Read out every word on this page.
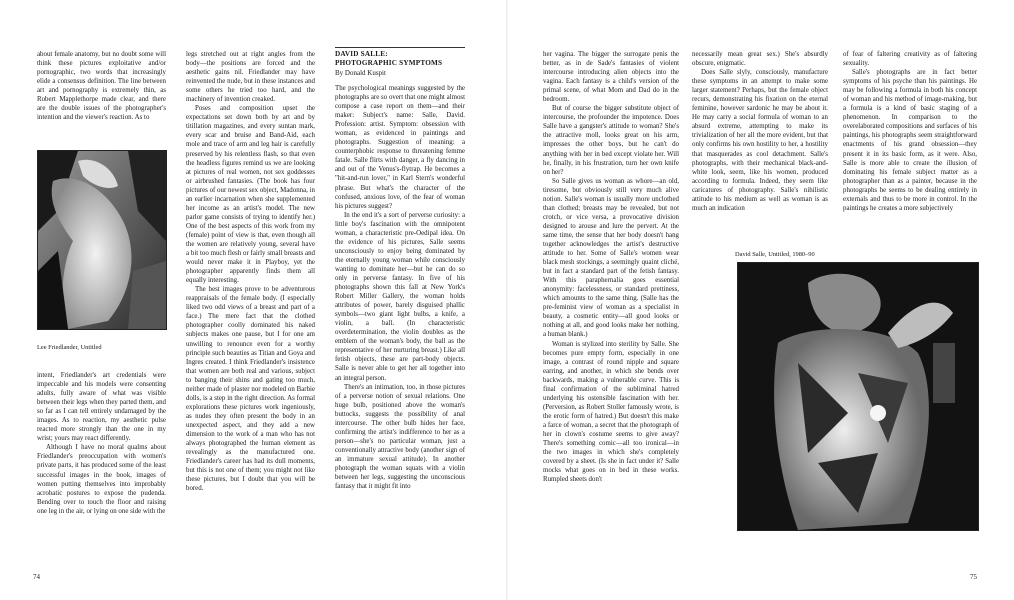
about female anatomy, but no doubt some will think these pictures exploitative and/or pornographic, two words that increasingly elide a consensus definition. The line between art and pornography is extremely thin, as Robert Mapplethorpe made clear, and there are the double issues of the photographer's intention and the viewer's reaction. As to

Lee Friedlander, Untitled

intent, Friedlander's art credentials were impeccable and his models were consenting adults, fully aware of what was visible between their legs when they parted them, and so far as I can tell entirely undamaged by the images. As to reaction, my aesthetic pulse reacted more strongly than the one in my wrist; yours may react differently.

Although I have no moral qualms about Friedlander's preoccupation with women's private parts, it has produced some of the least successful images in the book, images of women putting themselves into improbably acrobatic postures to expose the pudenda. Bending over to touch the floor and raising one leg in the air, or lying on one side with the

legs stretched out at right angles from the body—the positions are forced and the aesthetic gains nil. Friedlander may have reinvented the nude, but in these instances and some others he tried too hard, and the machinery of invention creaked.

Poses and composition upset the expectations set down both by art and by titillation magazines, and every suntan mark, every scar and bruise and Band-Aid, each mole and trace of arm and leg hair is carefully preserved by his relentless flash, so that even the headless figures remind us we are looking at pictures of real women, not sex goddesses or airbrushed fantasies. (The book has four pictures of our newest sex object, Madonna, in an earlier incarnation when she supplemented her income as an artist's model. The new parlor game consists of trying to identify her.) One of the best aspects of this work from my (female) point of view is that, even though all the women are relatively young, several have a bit too much flesh or fairly small breasts and would never make it in Playboy, yet the photographer apparently finds them all equally interesting.

The best images prove to be adventurous reappraisals of the female body. (I especially liked two odd views of a breast and part of a face.) The mere fact that the clothed photographer coolly dominated his naked subjects makes one pause, but I for one am unwilling to renounce even for a worthy principle such beauties as Titian and Goya and Ingres created. I think Friedlander's insistence that women are both real and various, subject to banging their shins and gating too much, neither made of plaster nor modeled on Barbie dolls, is a step in the right direction. As formal explorations these pictures work ingeniously, as nudes they often present the body in an unexpected aspect, and they add a new dimension to the work of a man who has not always photographed the human element as revealingly as the manufactured one. Friedlander's career has had its dull moments, but this is not one of them; you might not like these pictures, but I doubt that you will be bored.

DAVID SALLE:
PHOTOGRAPHIC SYMPTOMS
By Donald Kuspit

The psychological meanings suggested by the photographs are so overt that one might almost compose a case report on them—and their maker: Subject's name: Salle, David. Profession: artist. Symptom: obsession with woman, as evidenced in paintings and photographs. Suggestion of meaning: a counterphobic response to threatening femme fatale. Salle flirts with danger, a fly dancing in and out of the Venus's-flytrap. He becomes a "hit-and-run lover," in Karl Stern's wonderful phrase. But what's the character of the confused, anxious love, of the fear of woman his pictures suggest?

In the end it's a sort of perverse curiosity: a little boy's fascination with the omnipotent woman, a characteristic pre-Oedipal idea. On the evidence of his pictures, Salle seems unconsciously to enjoy being dominated by the eternally young woman while consciously wanting to dominate her—but he can do so only in perverse fantasy. In five of his photographs shown this fall at New York's Robert Miller Gallery, the woman holds attributes of power, barely disguised phallic symbols—two giant light bulbs, a knife, a violin, a ball. (In characteristic overdetermination, the violin doubles as the emblem of the woman's body, the ball as the representative of her nurturing breast.) Like all fetish objects, these are part-body objects. Salle is never able to get her all together into an integral person.

There's an intimation, too, in those pictures of a perverse notion of sexual relations. One huge bulb, positioned above the woman's buttocks, suggests the possibility of anal intercourse. The other bulb hides her face, confirming the artist's indifference to her as a person—she's no particular woman, just a conventionally attractive body (another sign of an immature sexual attitude). In another photograph the woman squats with a violin between her legs, suggesting the unconscious fantasy that it might fit into

74

her vagina. The bigger the surrogate penis the better, as in de Sade's fantasies of violent intercourse introducing alien objects into the vagina. Each fantasy is a child's version of the primal scene, of what Mom and Dad do in the bedroom.

But of course the bigger substitute object of intercourse, the profounder the impotence. Does Salle have a gangster's attitude to woman? She's the attractive moll, looks great on his arm, impresses the other boys, but he can't do anything with her in bed except violate her. Will he, finally, in his frustration, turn her own knife on her?

So Salle gives us woman as whore—an old, tiresome, but obviously still very much alive notion. Salle's woman is usually more unclothed than clothed; breasts may be revealed, but not crotch, or vice versa, a provocative division designed to arouse and lure the pervert. At the same time, the sense that her body doesn't hang together acknowledges the artist's destructive attitude to her. Some of Salle's women wear black mesh stockings, a seemingly quaint cliché, but in fact a standard part of the fetish fantasy. With this paraphernalia goes essential anonymity: facelessness, or standard prettiness, which amounts to the same thing. (Salle has the pre-feminist view of woman as a specialist in beauty, a cosmetic entity—all good looks or nothing at all, and good looks make her nothing, a human blank.)

Woman is stylized into sterility by Salle. She becomes pure empty form, especially in one image, a contrast of round nipple and square earring, and another, in which she bends over backwards, making a vulnerable curve. This is final confirmation of the subliminal hatred underlying his ostensible fascination with her. (Perversion, as Robert Stoller famously wrote, is the erotic form of hatred.) But doesn't this make a farce of woman, a secret that the photograph of her in clown's costume seems to give away? There's something comic—all too ironical—in the two images in which she's completely covered by a sheet. (Is she in fact under it? Salle mocks what goes on in bed in these works. Rumpled sheets don't

necessarily mean great sex.) She's absurdly obscure, enigmatic.

Does Salle slyly, consciously, manufacture these symptoms in an attempt to make some larger statement? Perhaps, but the female object recurs, demonstrating his fixation on the eternal feminine, however sardonic he may be about it. He may carry a social formula of woman to an absurd extreme, attempting to make its trivialization of her all the more evident, but that only confirms his own hostility to her, a hostility that masquerades as cool detachment. Salle's photographs, with their mechanical black-and-white look, seem, like his women, produced according to formula. Indeed, they seem like caricatures of photography. Salle's nihilistic attitude to his medium as well as woman is as much an indication

of fear of faltering creativity as of faltering sexuality.

Salle's photographs are in fact better symptoms of his psyche than his paintings. He may be following a formula in both his concept of woman and his method of image-making, but a formula is a kind of basic staging of a phenomenon. In comparison to the overelaborated compositions and surfaces of his paintings, his photographs seem straightforward enactments of his grand obsession—they present it in its basic form, as it were. Also, Salle is more able to create the illusion of dominating his female subject matter as a photographer than as a painter, because in the photographs he seems to be dealing entirely in externals and thus to be more in control. In the paintings he creates a more subjectively

David Salle, Untitled, 1980–90
75
